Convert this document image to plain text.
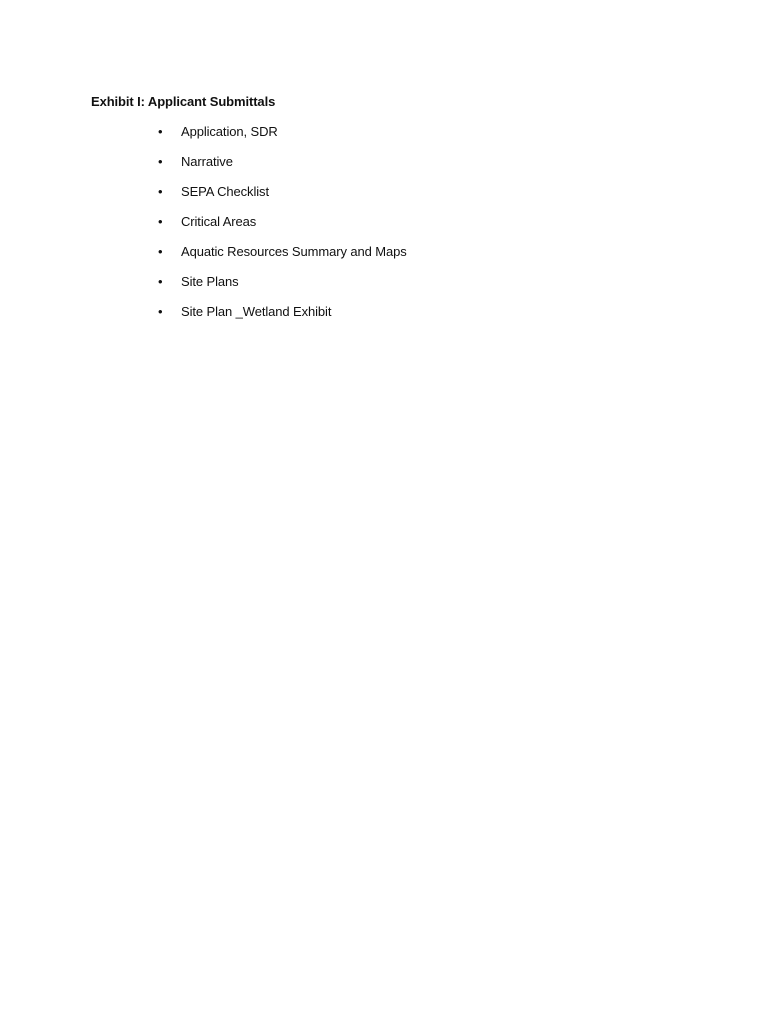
Exhibit I: Applicant Submittals
• Application, SDR
• Narrative
• SEPA Checklist
• Critical Areas
• Aquatic Resources Summary and Maps
• Site Plans
• Site Plan _Wetland Exhibit
